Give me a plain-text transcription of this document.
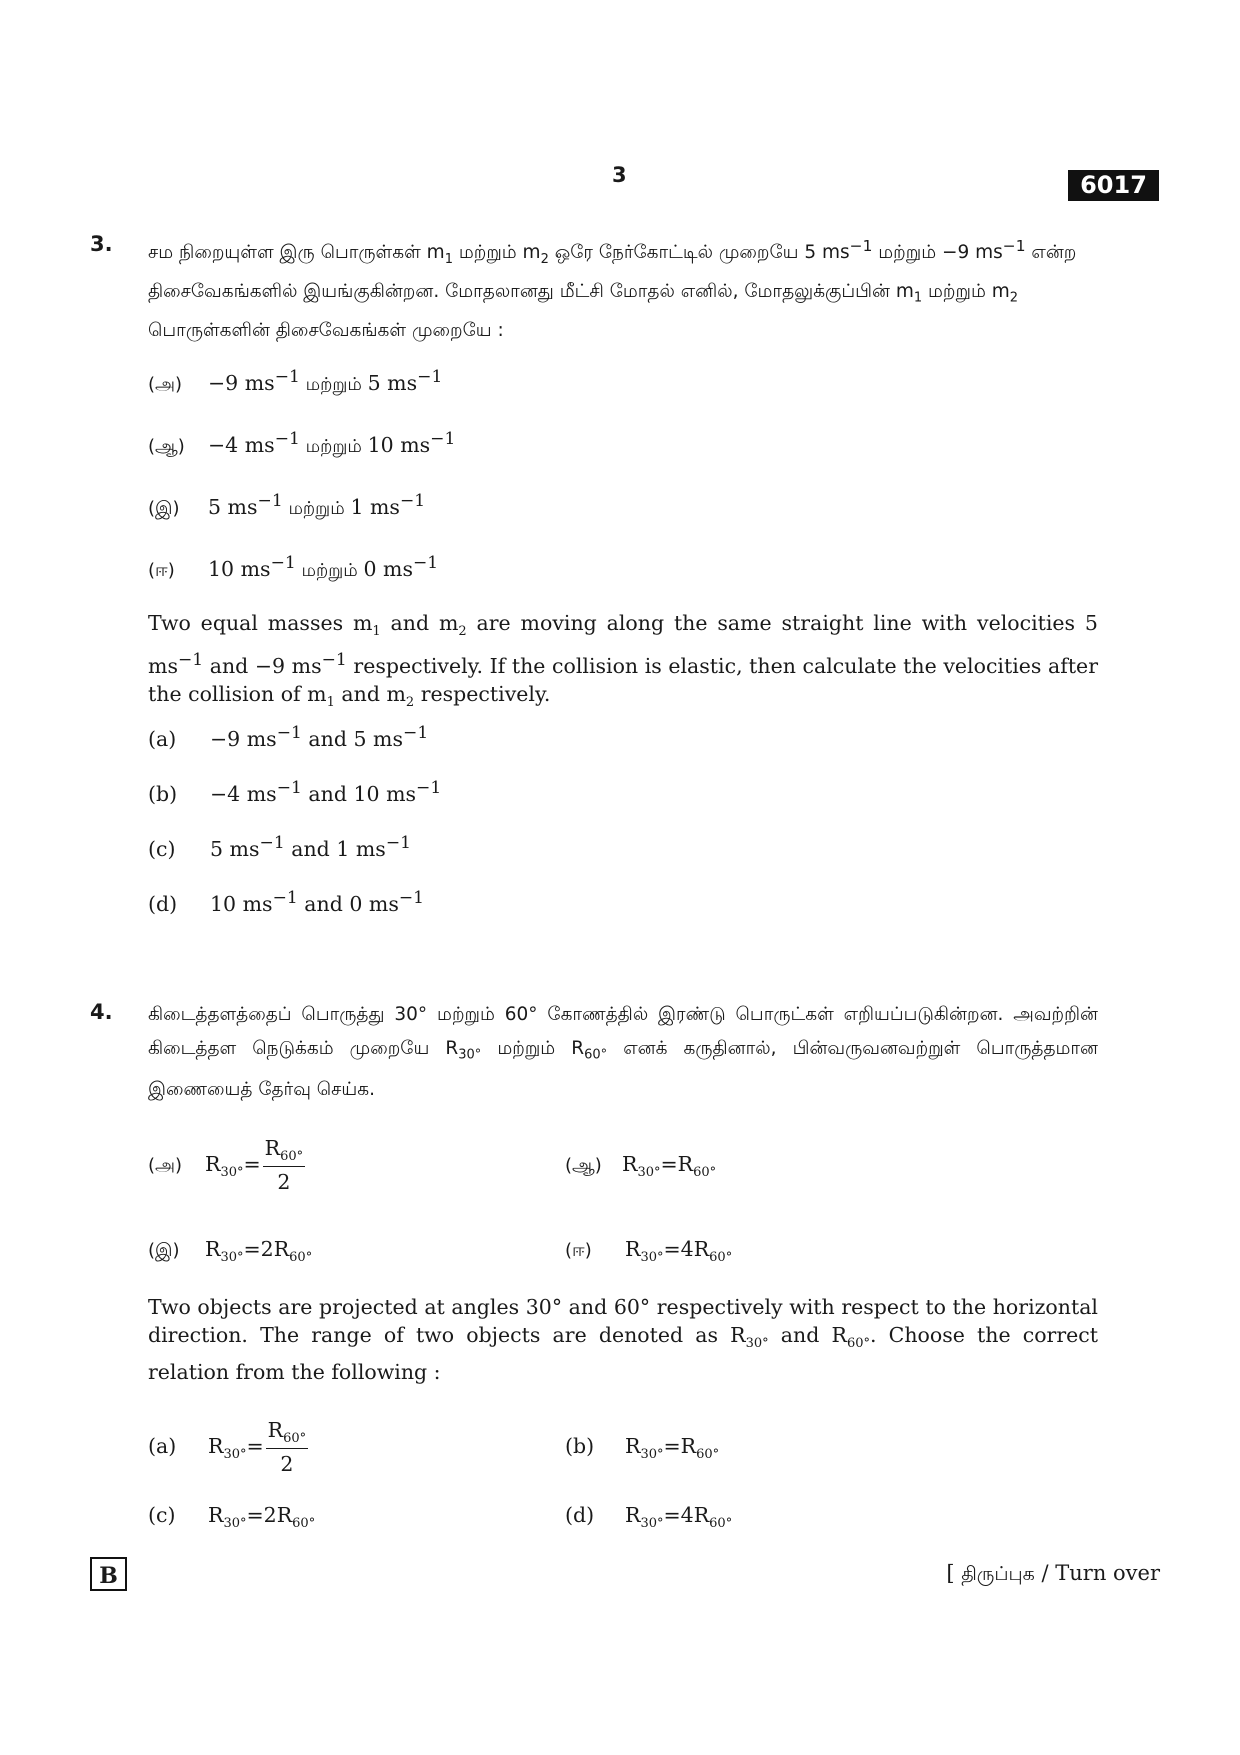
3	6017
3. சம நிறையுள்ள இரு பொருள்கள் $m_1$ மற்றும் $m_2$ ஒரே நேர்கோட்டில் முறையே 5 $ms^{-1}$ மற்றும் −9 $ms^{-1}$ என்ற திசைவேகங்களில் இயங்குகின்றன. மோதலானது மீட்சி மோதல் எனில், மோதலுக்குப்பின் $m_1$ மற்றும் $m_2$ பொருள்களின் திசைவேகங்கள் முறையே :
(அ) −9 $ms^{-1}$ மற்றும் 5 $ms^{-1}$
(ஆ) −4 $ms^{-1}$ மற்றும் 10 $ms^{-1}$
(இ) 5 $ms^{-1}$ மற்றும் 1 $ms^{-1}$
(ஈ) 10 $ms^{-1}$ மற்றும் 0 $ms^{-1}$
Two equal masses $m_1$ and $m_2$ are moving along the same straight line with velocities 5 $ms^{-1}$ and −9 $ms^{-1}$ respectively. If the collision is elastic, then calculate the velocities after the collision of $m_1$ and $m_2$ respectively.
(a) −9 $ms^{-1}$ and 5 $ms^{-1}$
(b) −4 $ms^{-1}$ and 10 $ms^{-1}$
(c) 5 $ms^{-1}$ and 1 $ms^{-1}$
(d) 10 $ms^{-1}$ and 0 $ms^{-1}$
4. கிடைத்தளத்தைப் பொருத்து 30° மற்றும் 60° கோணத்தில் இரண்டு பொருட்கள் எறியப்படுகின்றன. அவற்றின் கிடைத்தள நெடுக்கம் முறையே $R_{30^\circ}$ மற்றும் $R_{60^\circ}$ எனக் கருதினால், பின்வருவனவற்றுள் பொருத்தமான இணையைத் தேர்வு செய்க.
(அ) $R_{30^\circ}= \frac{R_{60^\circ}}{2}$	(ஆ) $R_{30^\circ}=R_{60^\circ}$
(இ) $R_{30^\circ}=2R_{60^\circ}$	(ஈ) $R_{30^\circ}=4R_{60^\circ}$
Two objects are projected at angles 30° and 60° respectively with respect to the horizontal direction. The range of two objects are denoted as $R_{30^\circ}$ and $R_{60^\circ}$. Choose the correct relation from the following :
(a) $R_{30^\circ}= \frac{R_{60^\circ}}{2}$	(b) $R_{30^\circ}=R_{60^\circ}$
(c) $R_{30^\circ}=2R_{60^\circ}$	(d) $R_{30^\circ}=4R_{60^\circ}$
B	[ திருப்புக / Turn over
